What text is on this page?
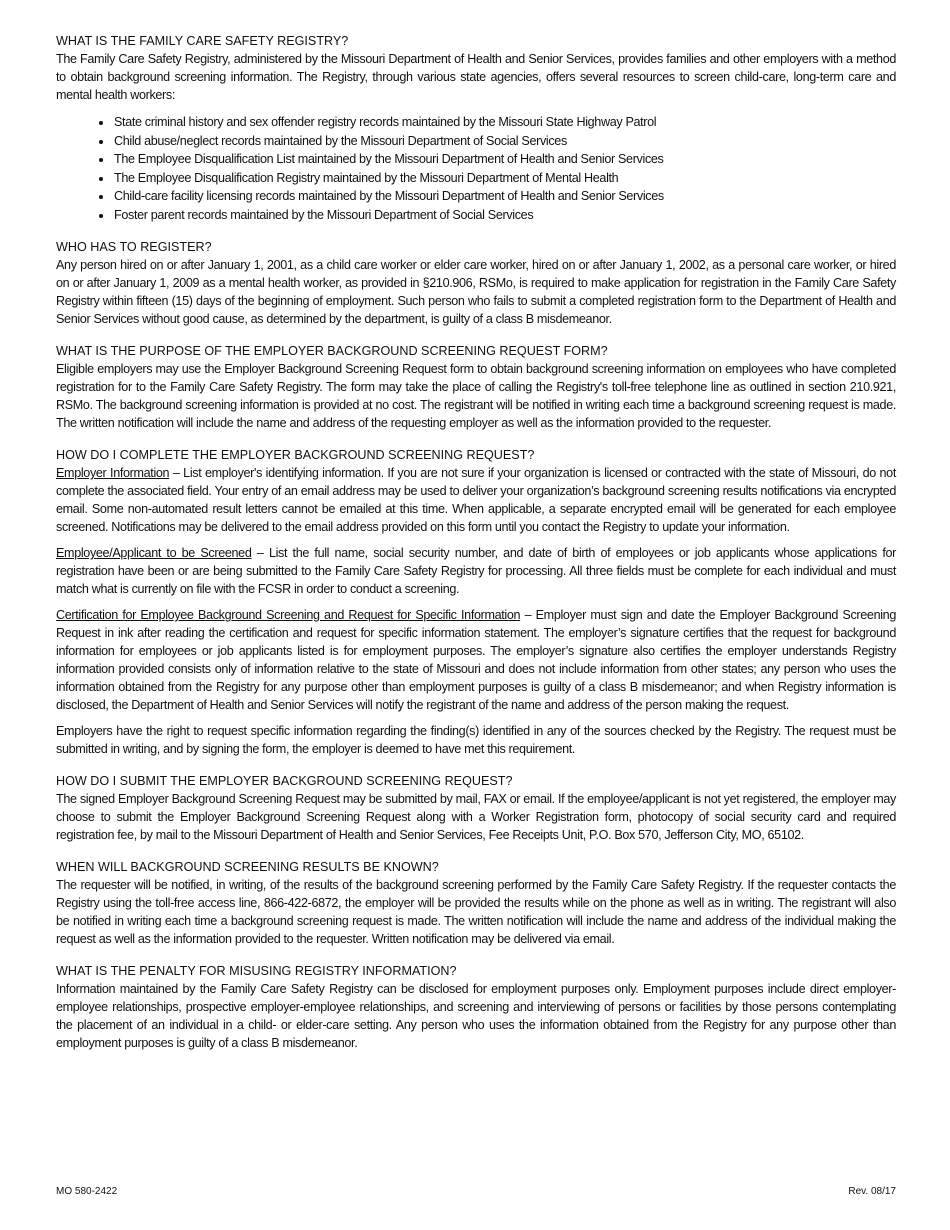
WHAT IS THE FAMILY CARE SAFETY REGISTRY?

The Family Care Safety Registry, administered by the Missouri Department of Health and Senior Services, provides families and other employers with a method to obtain background screening information. The Registry, through various state agencies, offers several resources to screen child-care, long-term care and mental health workers:

• State criminal history and sex offender registry records maintained by the Missouri State Highway Patrol
• Child abuse/neglect records maintained by the Missouri Department of Social Services
• The Employee Disqualification List maintained by the Missouri Department of Health and Senior Services
• The Employee Disqualification Registry maintained by the Missouri Department of Mental Health
• Child-care facility licensing records maintained by the Missouri Department of Health and Senior Services
• Foster parent records maintained by the Missouri Department of Social Services

WHO HAS TO REGISTER?

Any person hired on or after January 1, 2001, as a child care worker or elder care worker, hired on or after January 1, 2002, as a personal care worker, or hired on or after January 1, 2009 as a mental health worker, as provided in §210.906, RSMo, is required to make application for registration in the Family Care Safety Registry within fifteen (15) days of the beginning of employment. Such person who fails to submit a completed registration form to the Department of Health and Senior Services without good cause, as determined by the department, is guilty of a class B misdemeanor.

WHAT IS THE PURPOSE OF THE EMPLOYER BACKGROUND SCREENING REQUEST FORM?

Eligible employers may use the Employer Background Screening Request form to obtain background screening information on employees who have completed registration for to the Family Care Safety Registry. The form may take the place of calling the Registry's toll-free telephone line as outlined in section 210.921, RSMo. The background screening information is provided at no cost. The registrant will be notified in writing each time a background screening request is made. The written notification will include the name and address of the requesting employer as well as the information provided to the requester.

HOW DO I COMPLETE THE EMPLOYER BACKGROUND SCREENING REQUEST?

Employer Information – List employer's identifying information. If you are not sure if your organization is licensed or contracted with the state of Missouri, do not complete the associated field. Your entry of an email address may be used to deliver your organization’s background screening results notifications via encrypted email. Some non-automated result letters cannot be emailed at this time. When applicable, a separate encrypted email will be generated for each employee screened. Notifications may be delivered to the email address provided on this form until you contact the Registry to update your information.

Employee/Applicant to be Screened – List the full name, social security number, and date of birth of employees or job applicants whose applications for registration have been or are being submitted to the Family Care Safety Registry for processing. All three fields must be complete for each individual and must match what is currently on file with the FCSR in order to conduct a screening.

Certification for Employee Background Screening and Request for Specific Information – Employer must sign and date the Employer Background Screening Request in ink after reading the certification and request for specific information statement. The employer’s signature certifies that the request for background information for employees or job applicants listed is for employment purposes. The employer’s signature also certifies the employer understands Registry information provided consists only of information relative to the state of Missouri and does not include information from other states; any person who uses the information obtained from the Registry for any purpose other than employment purposes is guilty of a class B misdemeanor; and when Registry information is disclosed, the Department of Health and Senior Services will notify the registrant of the name and address of the person making the request.

Employers have the right to request specific information regarding the finding(s) identified in any of the sources checked by the Registry. The request must be submitted in writing, and by signing the form, the employer is deemed to have met this requirement.

HOW DO I SUBMIT THE EMPLOYER BACKGROUND SCREENING REQUEST?

The signed Employer Background Screening Request may be submitted by mail, FAX or email. If the employee/applicant is not yet registered, the employer may choose to submit the Employer Background Screening Request along with a Worker Registration form, photocopy of social security card and required registration fee, by mail to the Missouri Department of Health and Senior Services, Fee Receipts Unit, P.O. Box 570, Jefferson City, MO, 65102.

WHEN WILL BACKGROUND SCREENING RESULTS BE KNOWN?

The requester will be notified, in writing, of the results of the background screening performed by the Family Care Safety Registry. If the requester contacts the Registry using the toll-free access line, 866-422-6872, the employer will be provided the results while on the phone as well as in writing. The registrant will also be notified in writing each time a background screening request is made. The written notification will include the name and address of the individual making the request as well as the information provided to the requester. Written notification may be delivered via email.

WHAT IS THE PENALTY FOR MISUSING REGISTRY INFORMATION?

Information maintained by the Family Care Safety Registry can be disclosed for employment purposes only. Employment purposes include direct employer-employee relationships, prospective employer-employee relationships, and screening and interviewing of persons or facilities by those persons contemplating the placement of an individual in a child- or elder-care setting. Any person who uses the information obtained from the Registry for any purpose other than employment purposes is guilty of a class B misdemeanor.

MO 580-2422	Rev. 08/17
